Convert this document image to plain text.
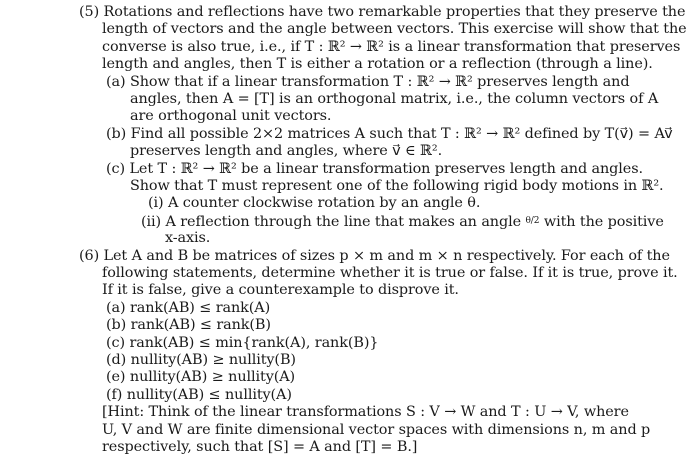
(5) Rotations and reflections have two remarkable properties that they preserve the
length of vectors and the angle between vectors. This exercise will show that the
converse is also true, i.e., if T : ℝ² → ℝ² is a linear transformation that preserves
length and angles, then T is either a rotation or a reflection (through a line).
(a) Show that if a linear transformation T : ℝ² → ℝ² preserves length and
angles, then A = [T] is an orthogonal matrix, i.e., the column vectors of A
are orthogonal unit vectors.
(b) Find all possible 2×2 matrices A such that T : ℝ² → ℝ² defined by T(v⃗) = Av⃗
preserves length and angles, where v⃗ ∈ ℝ².
(c) Let T : ℝ² → ℝ² be a linear transformation preserves length and angles.
Show that T must represent one of the following rigid body motions in ℝ².
(i) A counter clockwise rotation by an angle θ.
(ii) A reflection through the line that makes an angle θ/2 with the positive
x-axis.
(6) Let A and B be matrices of sizes p × m and m × n respectively. For each of the
following statements, determine whether it is true or false. If it is true, prove it.
If it is false, give a counterexample to disprove it.
(a) rank(AB) ≤ rank(A)
(b) rank(AB) ≤ rank(B)
(c) rank(AB) ≤ min{rank(A), rank(B)}
(d) nullity(AB) ≥ nullity(B)
(e) nullity(AB) ≥ nullity(A)
(f) nullity(AB) ≤ nullity(A)
[Hint: Think of the linear transformations S : V → W and T : U → V, where
U, V and W are finite dimensional vector spaces with dimensions n, m and p
respectively, such that [S] = A and [T] = B.]
